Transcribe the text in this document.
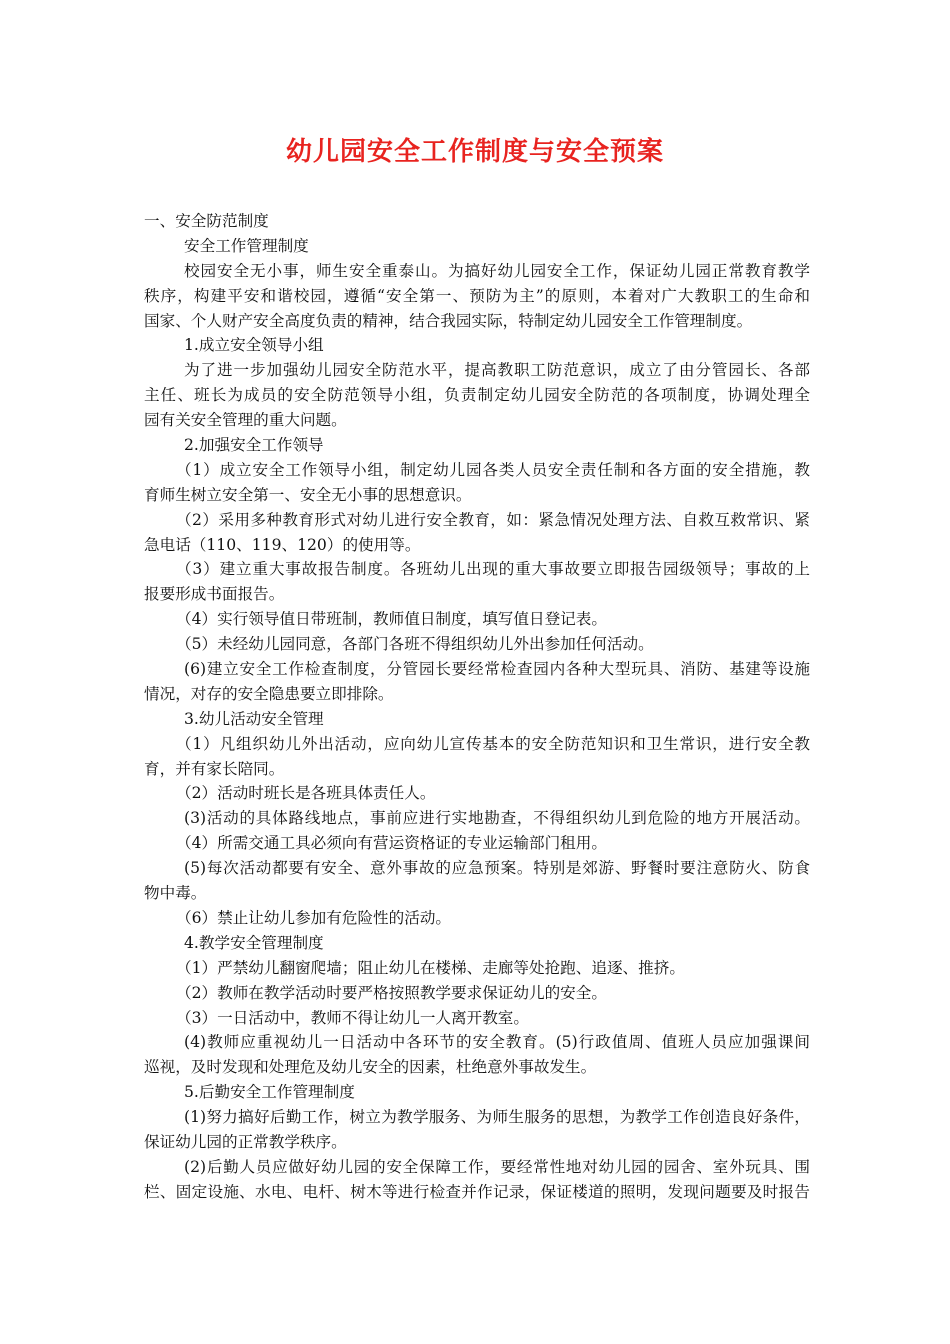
幼儿园安全工作制度与安全预案
一、安全防范制度
安全工作管理制度
校园安全无小事，师生安全重泰山。为搞好幼儿园安全工作，保证幼儿园正常教育教学
秩序，构建平安和谐校园，遵循“安全第一、预防为主”的原则，本着对广大教职工的生命和
国家、个人财产安全高度负责的精神，结合我园实际，特制定幼儿园安全工作管理制度。
1.成立安全领导小组
为了进一步加强幼儿园安全防范水平，提高教职工防范意识，成立了由分管园长、各部
主任、班长为成员的安全防范领导小组，负责制定幼儿园安全防范的各项制度，协调处理全
园有关安全管理的重大问题。
2.加强安全工作领导
（1）成立安全工作领导小组，制定幼儿园各类人员安全责任制和各方面的安全措施，教
育师生树立安全第一、安全无小事的思想意识。
（2）采用多种教育形式对幼儿进行安全教育，如：紧急情况处理方法、自救互救常识、紧
急电话（110、119、120）的使用等。
（3）建立重大事故报告制度。各班幼儿出现的重大事故要立即报告园级领导；事故的上
报要形成书面报告。
（4）实行领导值日带班制，教师值日制度，填写值日登记表。
（5）未经幼儿园同意，各部门各班不得组织幼儿外出参加任何活动。
(6)建立安全工作检查制度，分管园长要经常检查园内各种大型玩具、消防、基建等设施
情况，对存的安全隐患要立即排除。
3.幼儿活动安全管理
（1）凡组织幼儿外出活动，应向幼儿宣传基本的安全防范知识和卫生常识，进行安全教
育，并有家长陪同。
（2）活动时班长是各班具体责任人。
(3)活动的具体路线地点，事前应进行实地勘查，不得组织幼儿到危险的地方开展活动。
（4）所需交通工具必须向有营运资格证的专业运输部门租用。
(5)每次活动都要有安全、意外事故的应急预案。特别是郊游、野餐时要注意防火、防食
物中毒。
（6）禁止让幼儿参加有危险性的活动。
4.教学安全管理制度
（1）严禁幼儿翻窗爬墙；阻止幼儿在楼梯、走廊等处抢跑、追逐、推挤。
（2）教师在教学活动时要严格按照教学要求保证幼儿的安全。
（3）一日活动中，教师不得让幼儿一人离开教室。
(4)教师应重视幼儿一日活动中各环节的安全教育。(5)行政值周、值班人员应加强课间
巡视，及时发现和处理危及幼儿安全的因素，杜绝意外事故发生。
5.后勤安全工作管理制度
(1)努力搞好后勤工作，树立为教学服务、为师生服务的思想，为教学工作创造良好条件，
保证幼儿园的正常教学秩序。
(2)后勤人员应做好幼儿园的安全保障工作，要经常性地对幼儿园的园舍、室外玩具、围
栏、固定设施、水电、电杆、树木等进行检查并作记录，保证楼道的照明，发现问题要及时报告
